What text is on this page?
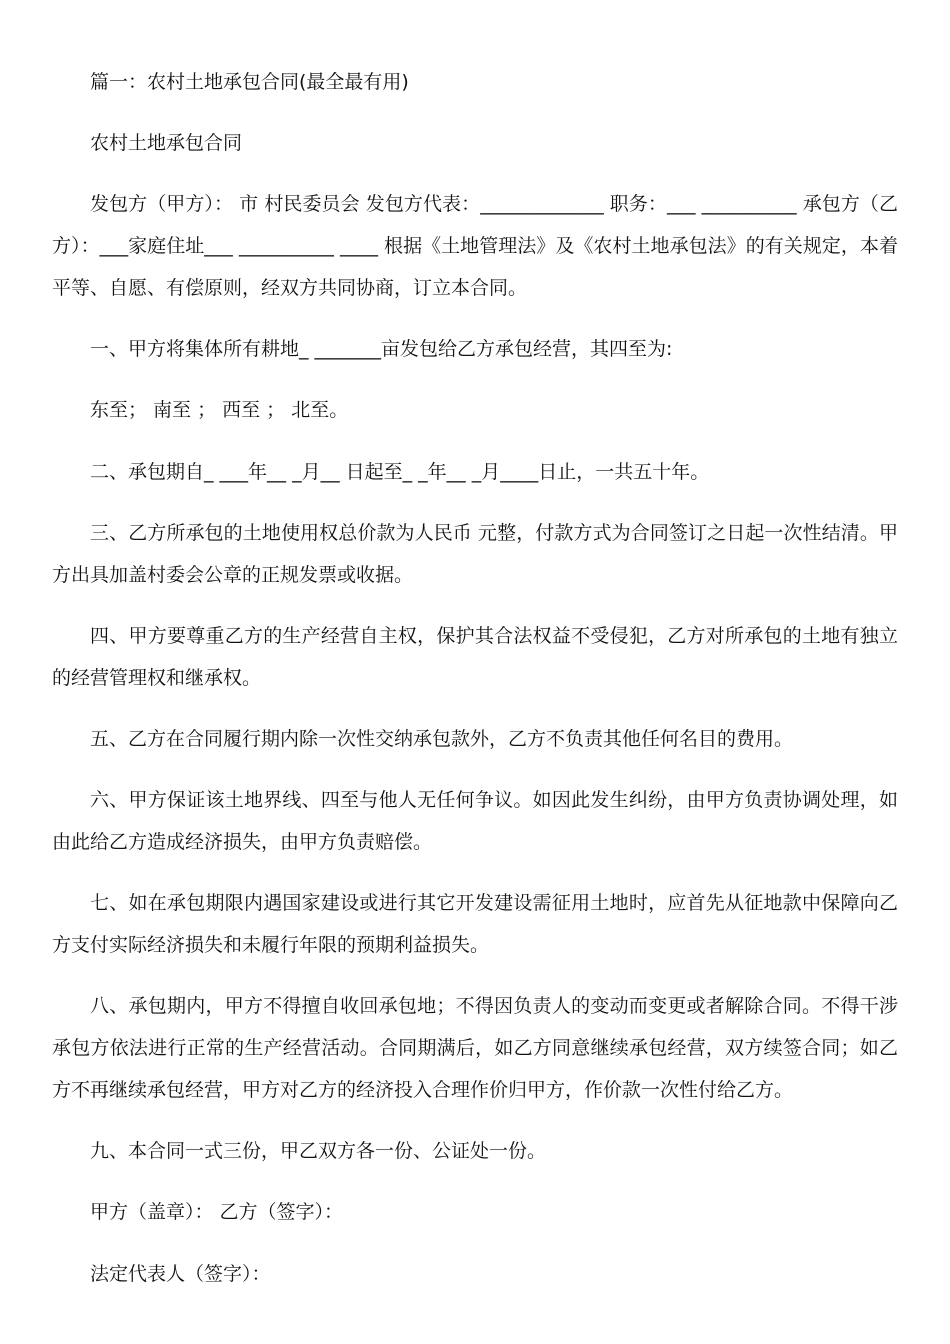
篇一：农村土地承包合同(最全最有用)

农村土地承包合同

发包方（甲方）： 市 村民委员会 发包方代表：_____________ 职务：___ __________ 承包方（乙方）：___家庭住址___ __________ ____ 根据《土地管理法》及《农村土地承包法》的有关规定，本着平等、自愿、有偿原则，经双方共同协商，订立本合同。

一、甲方将集体所有耕地_ _______亩发包给乙方承包经营，其四至为:

东至； 南至 ； 西至 ； 北至。

二、承包期自_ ___年__ _月__ 日起至_ _年__ _月____日止，一共五十年。

三、乙方所承包的土地使用权总价款为人民币 元整，付款方式为合同签订之日起一次性结清。甲方出具加盖村委会公章的正规发票或收据。

四、甲方要尊重乙方的生产经营自主权，保护其合法权益不受侵犯，乙方对所承包的土地有独立的经营管理权和继承权。

五、乙方在合同履行期内除一次性交纳承包款外，乙方不负责其他任何名目的费用。

六、甲方保证该土地界线、四至与他人无任何争议。如因此发生纠纷，由甲方负责协调处理，如由此给乙方造成经济损失，由甲方负责赔偿。

七、如在承包期限内遇国家建设或进行其它开发建设需征用土地时，应首先从征地款中保障向乙方支付实际经济损失和未履行年限的预期利益损失。

八、承包期内，甲方不得擅自收回承包地；不得因负责人的变动而变更或者解除合同。不得干涉承包方依法进行正常的生产经营活动。合同期满后，如乙方同意继续承包经营，双方续签合同；如乙方不再继续承包经营，甲方对乙方的经济投入合理作价归甲方，作价款一次性付给乙方。

九、本合同一式三份，甲乙双方各一份、公证处一份。

甲方（盖章）： 乙方（签字）：

法定代表人（签字）：
